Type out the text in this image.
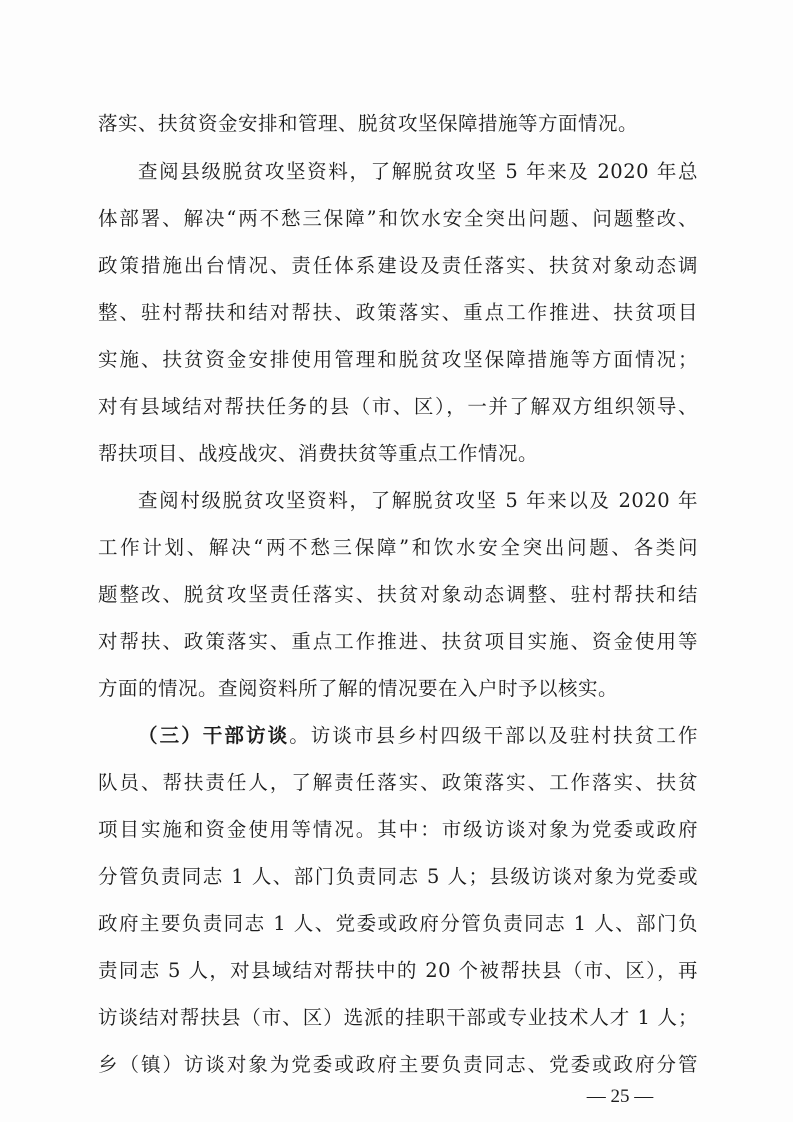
落实、扶贫资金安排和管理、脱贫攻坚保障措施等方面情况。
查阅县级脱贫攻坚资料，了解脱贫攻坚 5 年来及 2020 年总
体部署、解决“两不愁三保障”和饮水安全突出问题、问题整改、
政策措施出台情况、责任体系建设及责任落实、扶贫对象动态调
整、驻村帮扶和结对帮扶、政策落实、重点工作推进、扶贫项目
实施、扶贫资金安排使用管理和脱贫攻坚保障措施等方面情况；
对有县域结对帮扶任务的县（市、区），一并了解双方组织领导、
帮扶项目、战疫战灾、消费扶贫等重点工作情况。
查阅村级脱贫攻坚资料，了解脱贫攻坚 5 年来以及 2020 年
工作计划、解决“两不愁三保障”和饮水安全突出问题、各类问
题整改、脱贫攻坚责任落实、扶贫对象动态调整、驻村帮扶和结
对帮扶、政策落实、重点工作推进、扶贫项目实施、资金使用等
方面的情况。查阅资料所了解的情况要在入户时予以核实。
（三）干部访谈。访谈市县乡村四级干部以及驻村扶贫工作
队员、帮扶责任人，了解责任落实、政策落实、工作落实、扶贫
项目实施和资金使用等情况。其中：市级访谈对象为党委或政府
分管负责同志 1 人、部门负责同志 5 人；县级访谈对象为党委或
政府主要负责同志 1 人、党委或政府分管负责同志 1 人、部门负
责同志 5 人，对县域结对帮扶中的 20 个被帮扶县（市、区），再
访谈结对帮扶县（市、区）选派的挂职干部或专业技术人才 1 人；
乡（镇）访谈对象为党委或政府主要负责同志、党委或政府分管
— 25 —
